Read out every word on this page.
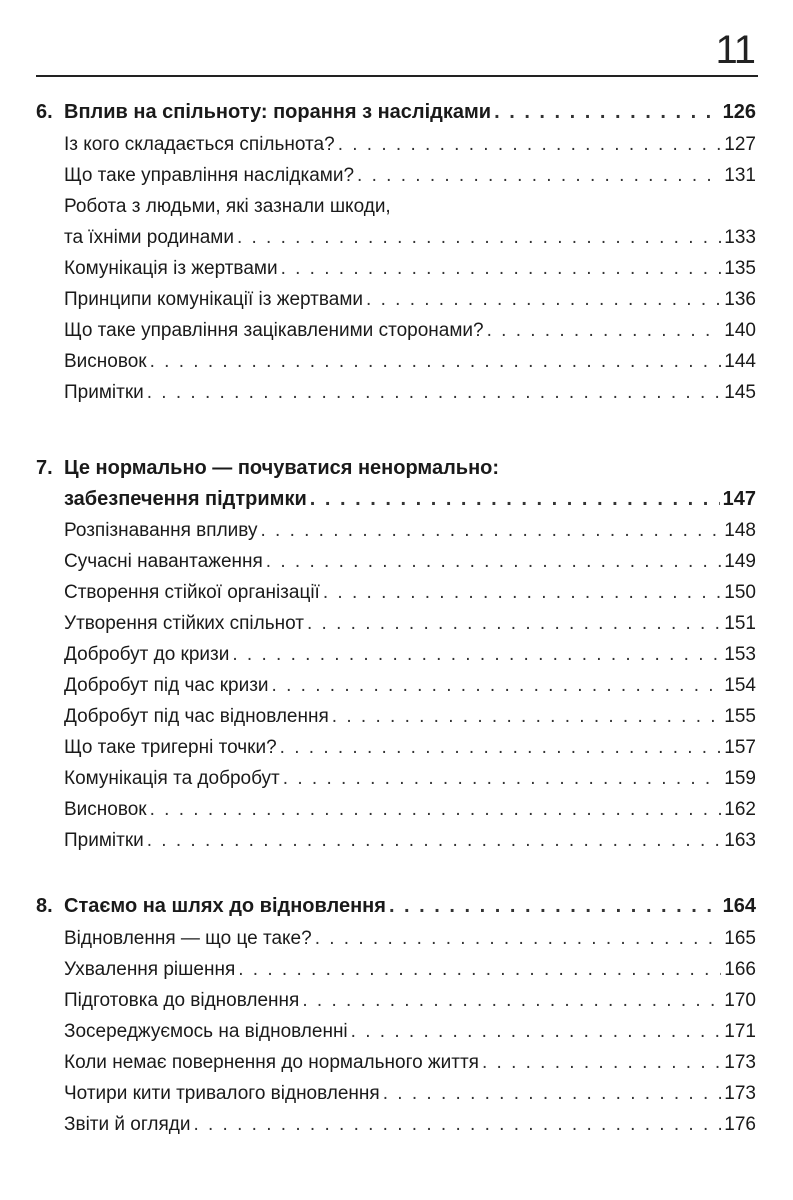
11
6. Вплив на спільноту: порання з наслідками . . .	126
Із кого складається спільнота? . . .	127
Що таке управління наслідками? . . .	131
Робота з людьми, які зазнали шкоди,
та їхніми родинами . . .	133
Комунікація із жертвами . . .	135
Принципи комунікації із жертвами . . .	136
Що таке управління зацікавленими сторонами? . . .	140
Висновок . . .	144
Примітки . . .	145
7. Це нормально — почуватися ненормально:
забезпечення підтримки . . .	147
Розпізнавання впливу . . .	148
Сучасні навантаження . . .	149
Створення стійкої організації . . .	150
Утворення стійких спільнот . . .	151
Добробут до кризи . . .	153
Добробут під час кризи . . .	154
Добробут під час відновлення . . .	155
Що таке тригерні точки? . . .	157
Комунікація та добробут . . .	159
Висновок . . .	162
Примітки . . .	163
8. Стаємо на шлях до відновлення . . .	164
Відновлення — що це таке? . . .	165
Ухвалення рішення . . .	166
Підготовка до відновлення . . .	170
Зосереджуємось на відновленні . . .	171
Коли немає повернення до нормального життя . . .	173
Чотири кити тривалого відновлення . . .	173
Звіти й огляди . . .	176
